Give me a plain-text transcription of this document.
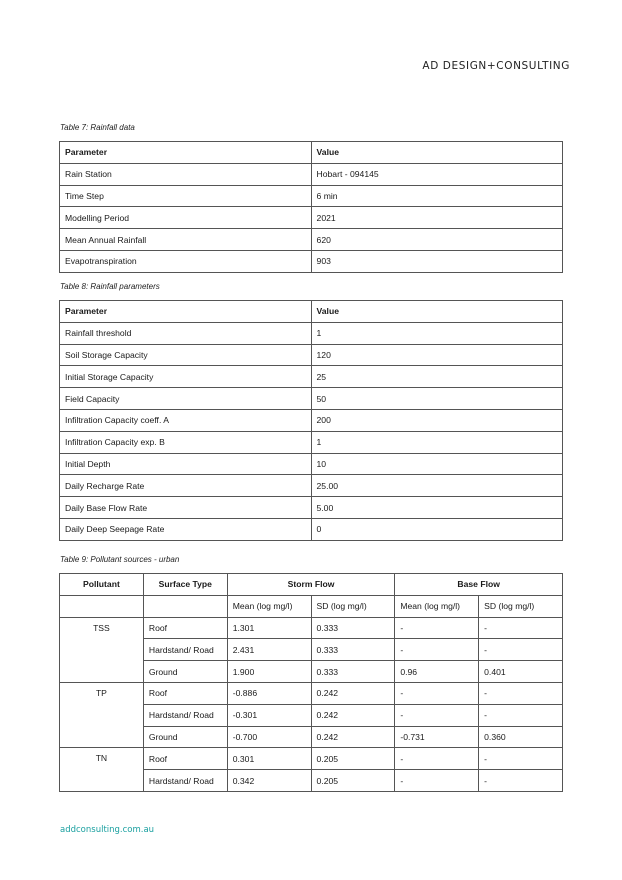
AD DESIGN+CONSULTING
Table 7: Rainfall data
Parameter	Value
Rain Station	Hobart - 094145
Time Step	6 min
Modelling Period	2021
Mean Annual Rainfall	620
Evapotranspiration	903
Table 8: Rainfall parameters
Parameter	Value
Rainfall threshold	1
Soil Storage Capacity	120
Initial Storage Capacity	25
Field Capacity	50
Infiltration Capacity coeff. A	200
Infiltration Capacity exp. B	1
Initial Depth	10
Daily Recharge Rate	25.00
Daily Base Flow Rate	5.00
Daily Deep Seepage Rate	0
Table 9: Pollutant sources - urban
Pollutant	Surface Type	Storm Flow		Base Flow	
		Mean (log mg/l)	SD (log mg/l)	Mean (log mg/l)	SD (log mg/l)
TSS	Roof	1.301	0.333	-	-
	Hardstand/ Road	2.431	0.333	-	-
	Ground	1.900	0.333	0.96	0.401
TP	Roof	-0.886	0.242	-	-
	Hardstand/ Road	-0.301	0.242	-	-
	Ground	-0.700	0.242	-0.731	0.360
TN	Roof	0.301	0.205	-	-
	Hardstand/ Road	0.342	0.205	-	-
addconsulting.com.au
